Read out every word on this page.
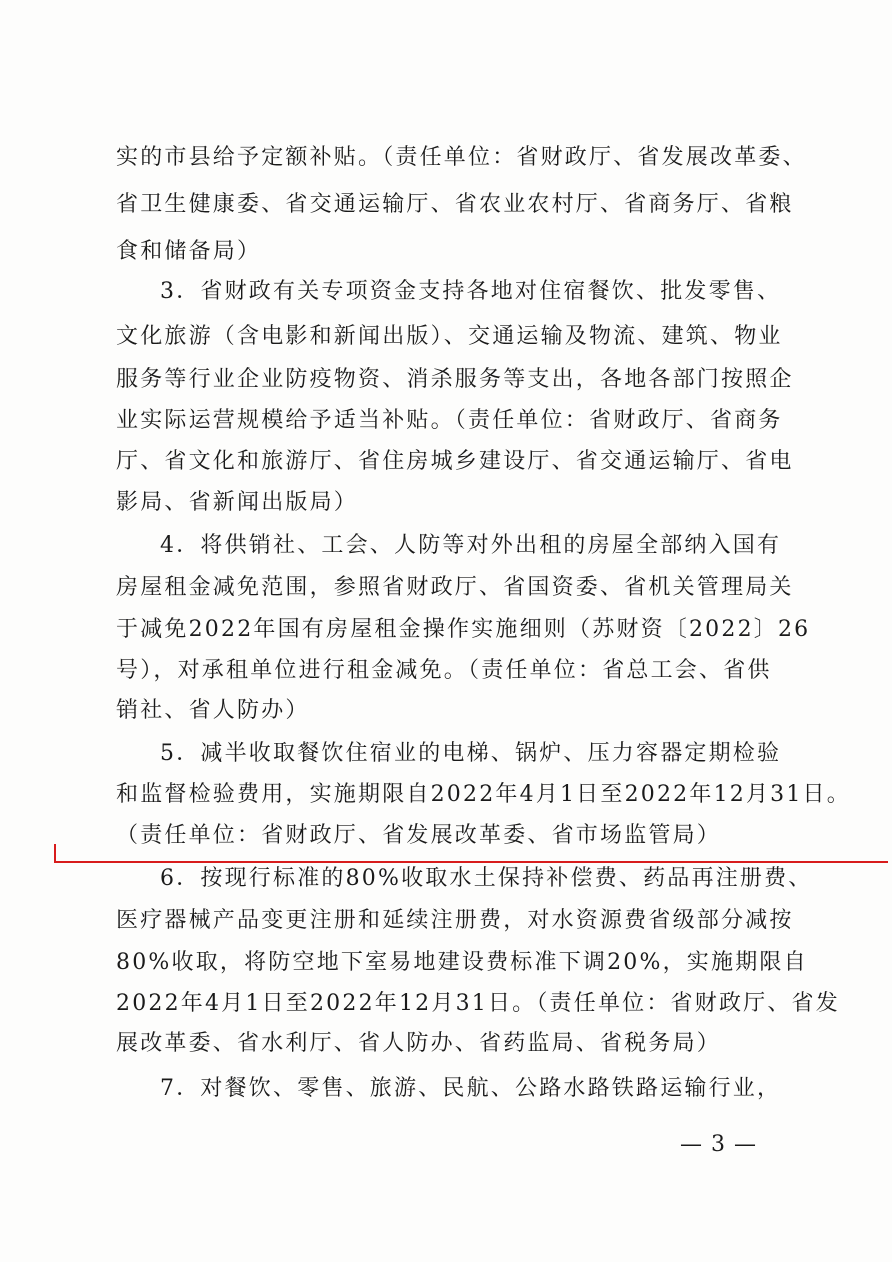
实的市县给予定额补贴。（责任单位：省财政厅、省发展改革委、
省卫生健康委、省交通运输厅、省农业农村厅、省商务厅、省粮
食和储备局）
3．省财政有关专项资金支持各地对住宿餐饮、批发零售、
文化旅游（含电影和新闻出版）、交通运输及物流、建筑、物业
服务等行业企业防疫物资、消杀服务等支出，各地各部门按照企
业实际运营规模给予适当补贴。（责任单位：省财政厅、省商务
厅、省文化和旅游厅、省住房城乡建设厅、省交通运输厅、省电
影局、省新闻出版局）
4．将供销社、工会、人防等对外出租的房屋全部纳入国有
房屋租金减免范围，参照省财政厅、省国资委、省机关管理局关
于减免2022年国有房屋租金操作实施细则（苏财资〔2022〕26
号），对承租单位进行租金减免。（责任单位：省总工会、省供
销社、省人防办）
5．减半收取餐饮住宿业的电梯、锅炉、压力容器定期检验
和监督检验费用，实施期限自2022年4月1日至2022年12月31日。
（责任单位：省财政厅、省发展改革委、省市场监管局）
6．按现行标准的80%收取水土保持补偿费、药品再注册费、
医疗器械产品变更注册和延续注册费，对水资源费省级部分减按
80%收取，将防空地下室易地建设费标准下调20%，实施期限自
2022年4月1日至2022年12月31日。（责任单位：省财政厅、省发
展改革委、省水利厅、省人防办、省药监局、省税务局）
7．对餐饮、零售、旅游、民航、公路水路铁路运输行业，
— 3 —
